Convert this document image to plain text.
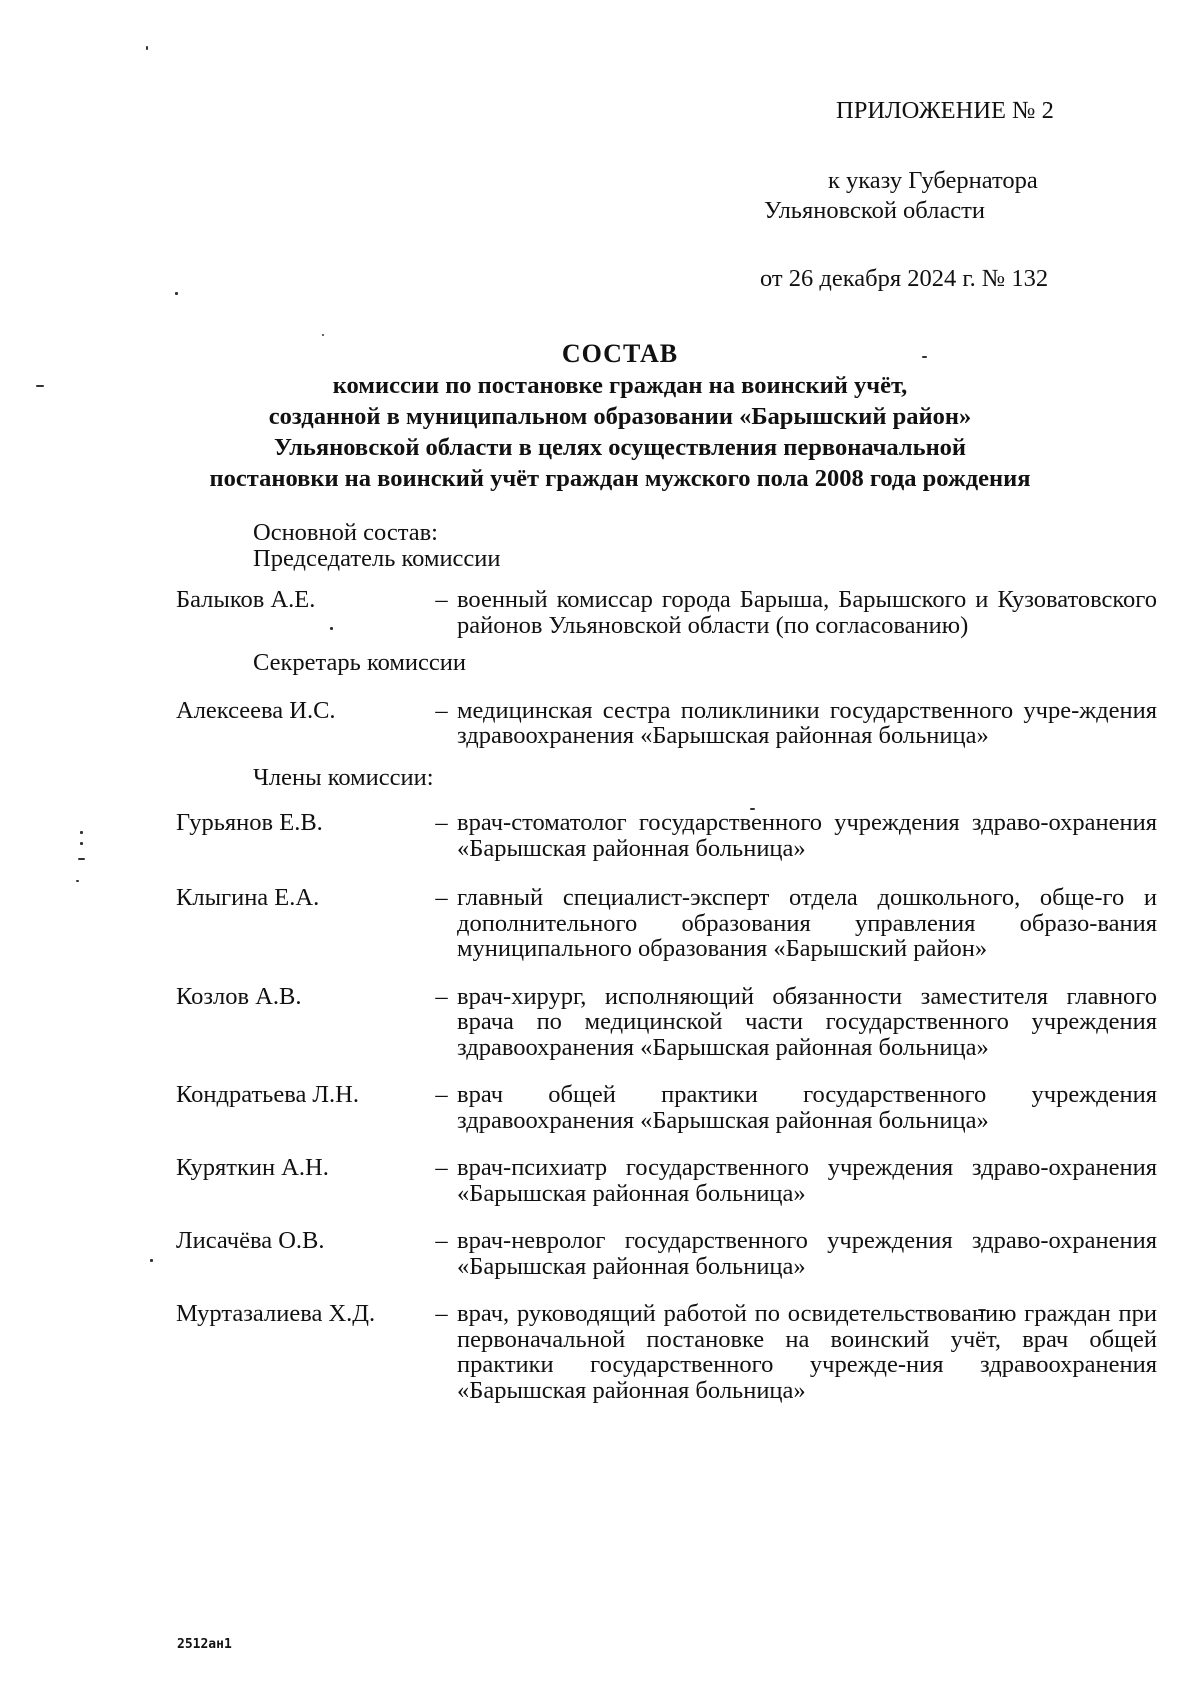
ПРИЛОЖЕНИЕ № 2
к указу Губернатора
Ульяновской области
от 26 декабря 2024 г. № 132
СОСТАВ
комиссии по постановке граждан на воинский учёт,
созданной в муниципальном образовании «Барышский район»
Ульяновской области в целях осуществления первоначальной
постановки на воинский учёт граждан мужского пола 2008 года рождения
Основной состав:
Председатель комиссии
Балыков А.Е.	– военный комиссар города Барыша, Барышского и Кузоватовского районов Ульяновской области (по согласованию)
Секретарь комиссии
Алексеева И.С.	– медицинская сестра поликлиники государственного учре-ждения здравоохранения «Барышская районная больница»
Члены комиссии:
Гурьянов Е.В.	– врач-стоматолог государственного учреждения здраво-охранения «Барышская районная больница»
Клыгина Е.А.	– главный специалист-эксперт отдела дошкольного, обще-го и дополнительного образования управления образо-вания муниципального образования «Барышский район»
Козлов А.В.	– врач-хирург, исполняющий обязанности заместителя главного врача по медицинской части государственного учреждения здравоохранения «Барышская районная больница»
Кондратьева Л.Н.	– врач общей практики государственного учреждения здравоохранения «Барышская районная больница»
Куряткин А.Н.	– врач-психиатр государственного учреждения здраво-охранения «Барышская районная больница»
Лисачёва О.В.	– врач-невролог государственного учреждения здраво-охранения «Барышская районная больница»
Муртазалиева Х.Д.	– врач, руководящий работой по освидетельствованию граждан при первоначальной постановке на воинский учёт, врач общей практики государственного учрежде-ния здравоохранения «Барышская районная больница»
2512ан1
